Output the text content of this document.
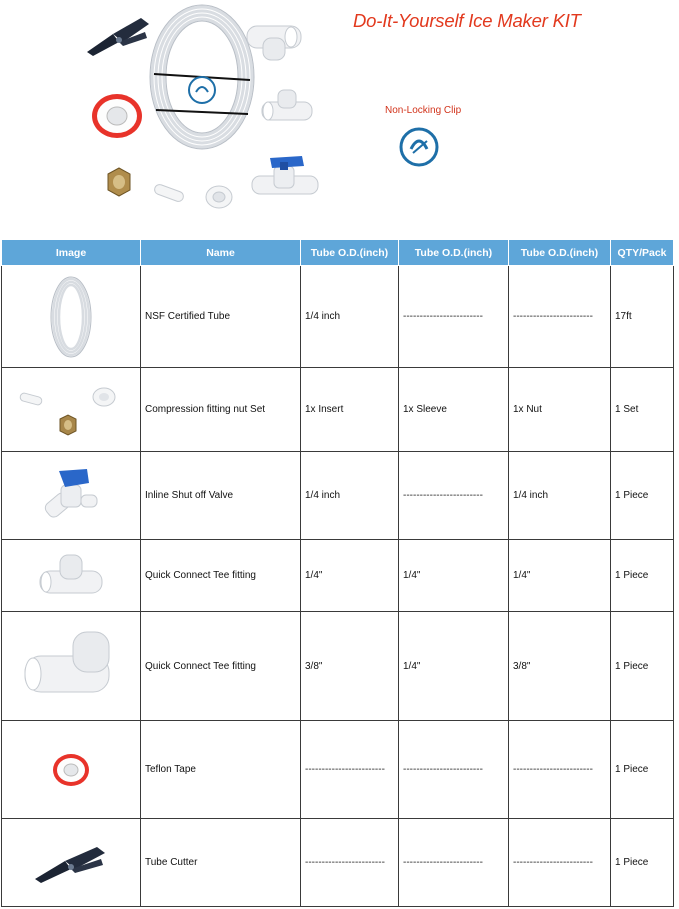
Do-It-Yourself Ice Maker KIT
Non-Locking Clip
Image	Name	Tube O.D.(inch)	Tube O.D.(inch)	Tube O.D.(inch)	QTY/Pack

	NSF Certified Tube	1/4 inch	------------------------	------------------------	17ft

	Compression fitting nut Set	1x Insert	1x Sleeve	1x Nut	1 Set

	Inline Shut off Valve	1/4 inch	------------------------	1/4 inch	1 Piece

	Quick Connect Tee fitting	1/4"	1/4"	1/4"	1 Piece

	Quick Connect Tee fitting	3/8"	1/4"	3/8"	1 Piece

	Teflon Tape	------------------------	------------------------	------------------------	1 Piece

	Tube Cutter	------------------------	------------------------	------------------------	1 Piece
